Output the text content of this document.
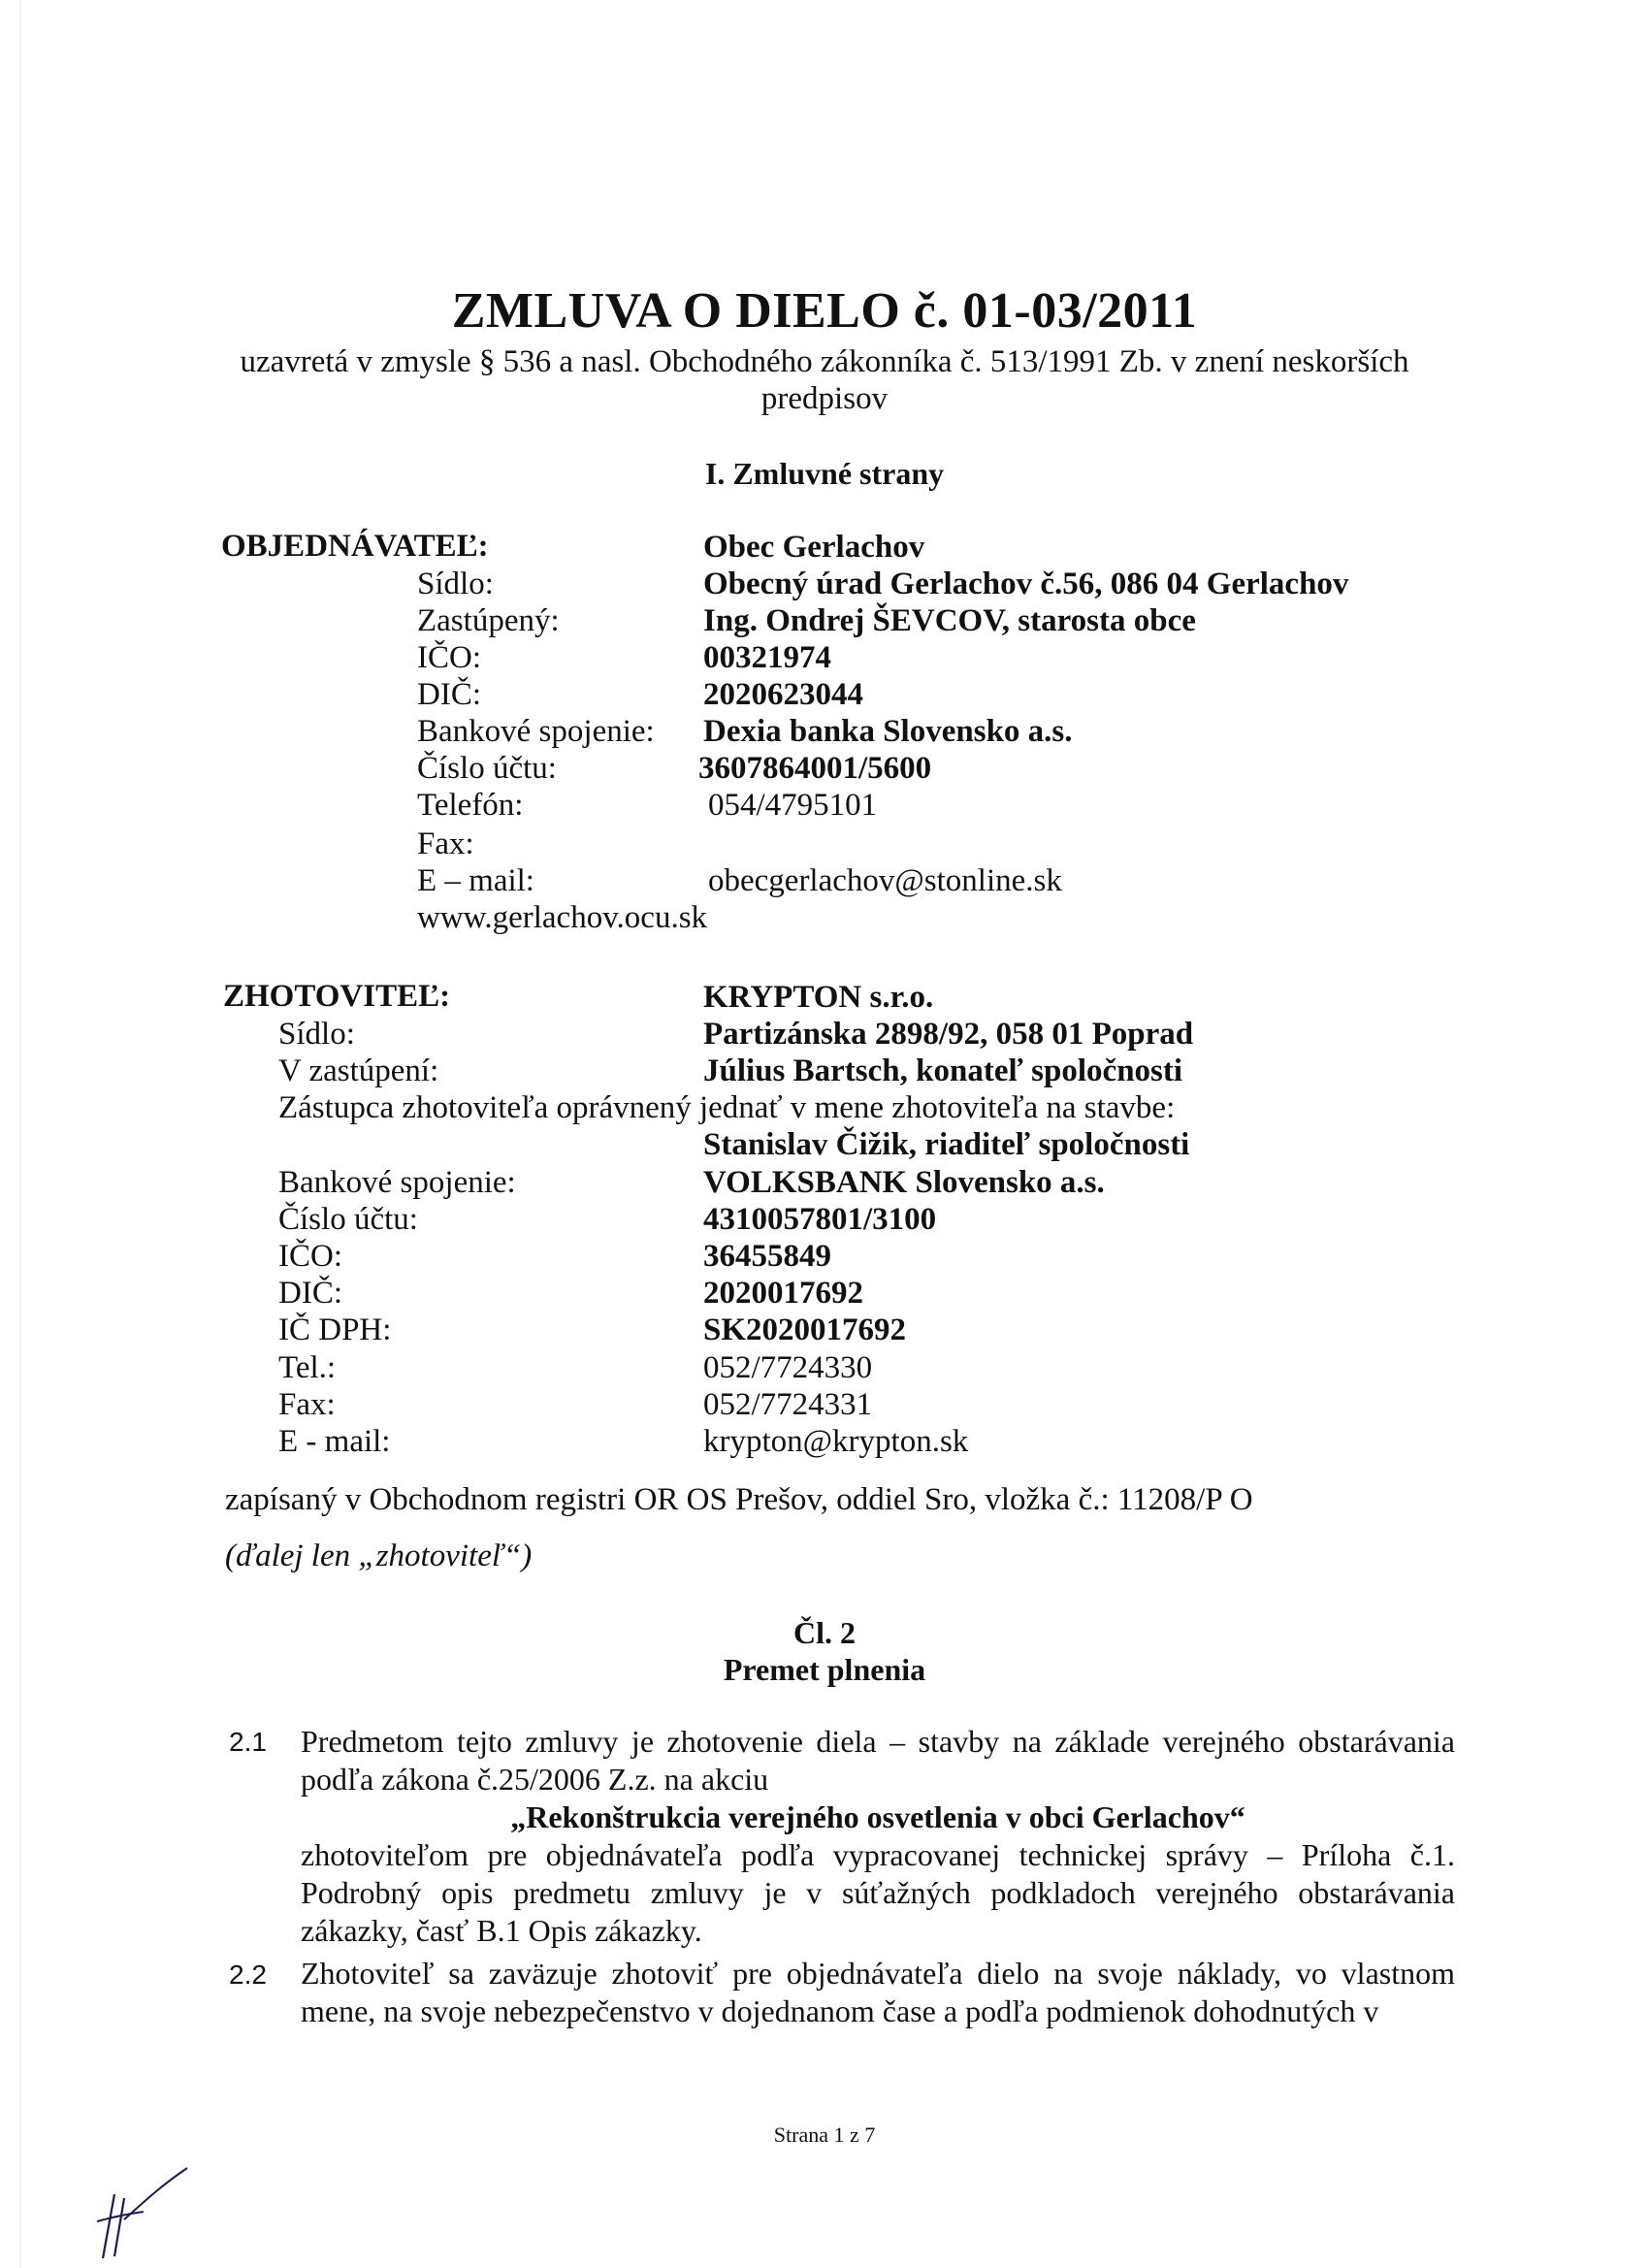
ZMLUVA O DIELO č. 01-03/2011
uzavretá v zmysle § 536 a nasl. Obchodného zákonníka č. 513/1991 Zb. v znení neskorších predpisov
I. Zmluvné strany
OBJEDNÁVATEĽ:	Obec Gerlachov
Sídlo:	Obecný úrad Gerlachov č.56, 086 04 Gerlachov
Zastúpený:	Ing. Ondrej ŠEVCOV, starosta obce
IČO:	00321974
DIČ:	2020623044
Bankové spojenie: Dexia banka Slovensko a.s.
Číslo účtu:	3607864001/5600
Telefón:	054/4795101
Fax:
E – mail:	obecgerlachov@stonline.sk
www.gerlachov.ocu.sk
ZHOTOVITEĽ:	KRYPTON s.r.o.
Sídlo:	Partizánska 2898/92, 058 01 Poprad
V zastúpení:	Július Bartsch, konateľ spoločnosti
Zástupca zhotoviteľa oprávnený jednať v mene zhotoviteľa na stavbe:
Stanislav Čižik, riaditeľ spoločnosti
Bankové spojenie:	VOLKSBANK Slovensko a.s.
Číslo účtu:	4310057801/3100
IČO:	36455849
DIČ:	2020017692
IČ DPH:	SK2020017692
Tel.:	052/7724330
Fax:	052/7724331
E - mail:	krypton@krypton.sk
zapísaný v Obchodnom registri OR OS Prešov, oddiel Sro, vložka č.: 11208/P O
(ďalej len „zhotoviteľ“)
Čl. 2
Premet plnenia
2.1 Predmetom tejto zmluvy je zhotovenie diela – stavby na základe verejného obstarávania podľa zákona č.25/2006 Z.z. na akciu
„Rekonštrukcia verejného osvetlenia v obci Gerlachov“
zhotoviteľom pre objednávateľa podľa vypracovanej technickej správy – Príloha č.1. Podrobný opis predmetu zmluvy je v súťažných podkladoch verejného obstarávania zákazky, časť B.1 Opis zákazky.
2.2 Zhotoviteľ sa zaväzuje zhotoviť pre objednávateľa dielo na svoje náklady, vo vlastnom mene, na svoje nebezpečenstvo v dojednanom čase a podľa podmienok dohodnutých v
Strana 1 z 7
